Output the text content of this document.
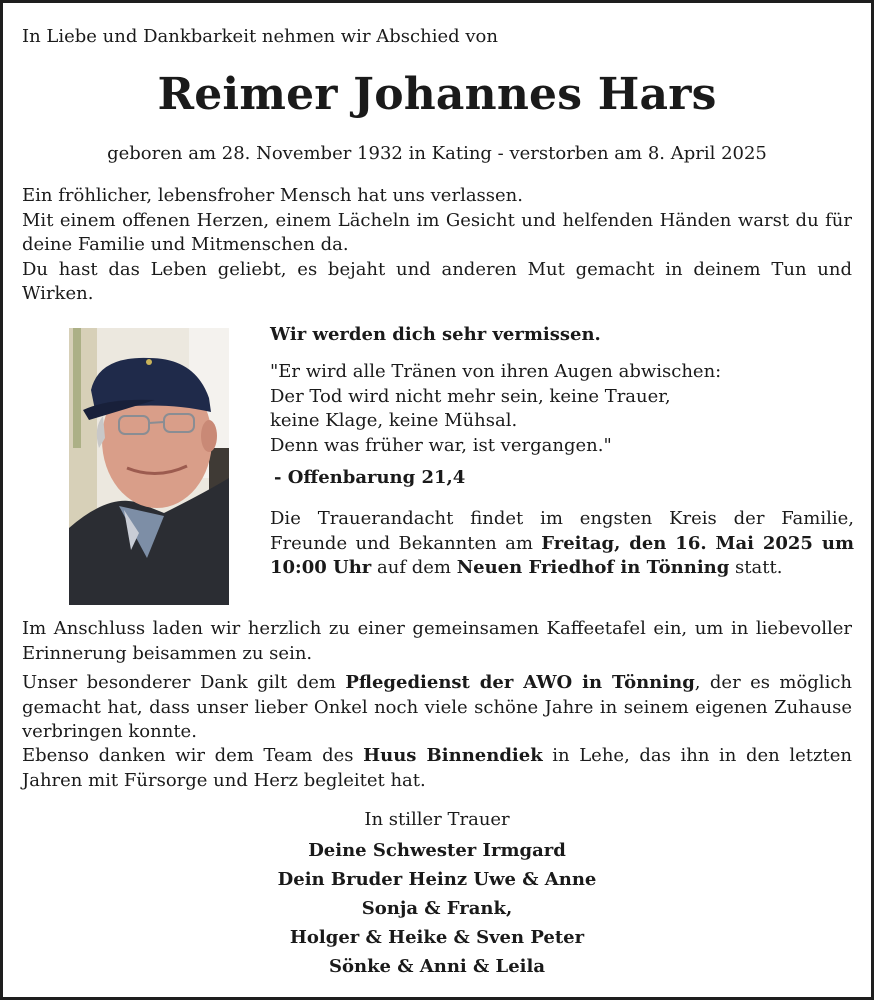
In Liebe und Dankbarkeit nehmen wir Abschied von
Reimer Johannes Hars
geboren am 28. November 1932 in Kating - verstorben am 8. April 2025
Ein fröhlicher, lebensfroher Mensch hat uns verlassen.
Mit einem offenen Herzen, einem Lächeln im Gesicht und helfenden Händen warst du für deine Familie und Mitmenschen da.
Du hast das Leben geliebt, es bejaht und anderen Mut gemacht in deinem Tun und Wirken.
Wir werden dich sehr vermissen.
"Er wird alle Tränen von ihren Augen abwischen:
Der Tod wird nicht mehr sein, keine Trauer,
keine Klage, keine Mühsal.
Denn was früher war, ist vergangen."
- Offenbarung 21,4
Die Trauerandacht findet im engsten Kreis der Familie, Freunde und Bekannten am Freitag, den 16. Mai 2025 um 10:00 Uhr auf dem Neuen Friedhof in Tönning statt.
Im Anschluss laden wir herzlich zu einer gemeinsamen Kaffeetafel ein, um in liebevoller Erinnerung beisammen zu sein.
Unser besonderer Dank gilt dem Pflegedienst der AWO in Tönning, der es möglich gemacht hat, dass unser lieber Onkel noch viele schöne Jahre in seinem eigenen Zuhause verbringen konnte.
Ebenso danken wir dem Team des Huus Binnendiek in Lehe, das ihn in den letzten Jahren mit Fürsorge und Herz begleitet hat.
In stiller Trauer
Deine Schwester Irmgard
Dein Bruder Heinz Uwe & Anne
Sonja & Frank,
Holger & Heike & Sven Peter
Sönke & Anni & Leila
